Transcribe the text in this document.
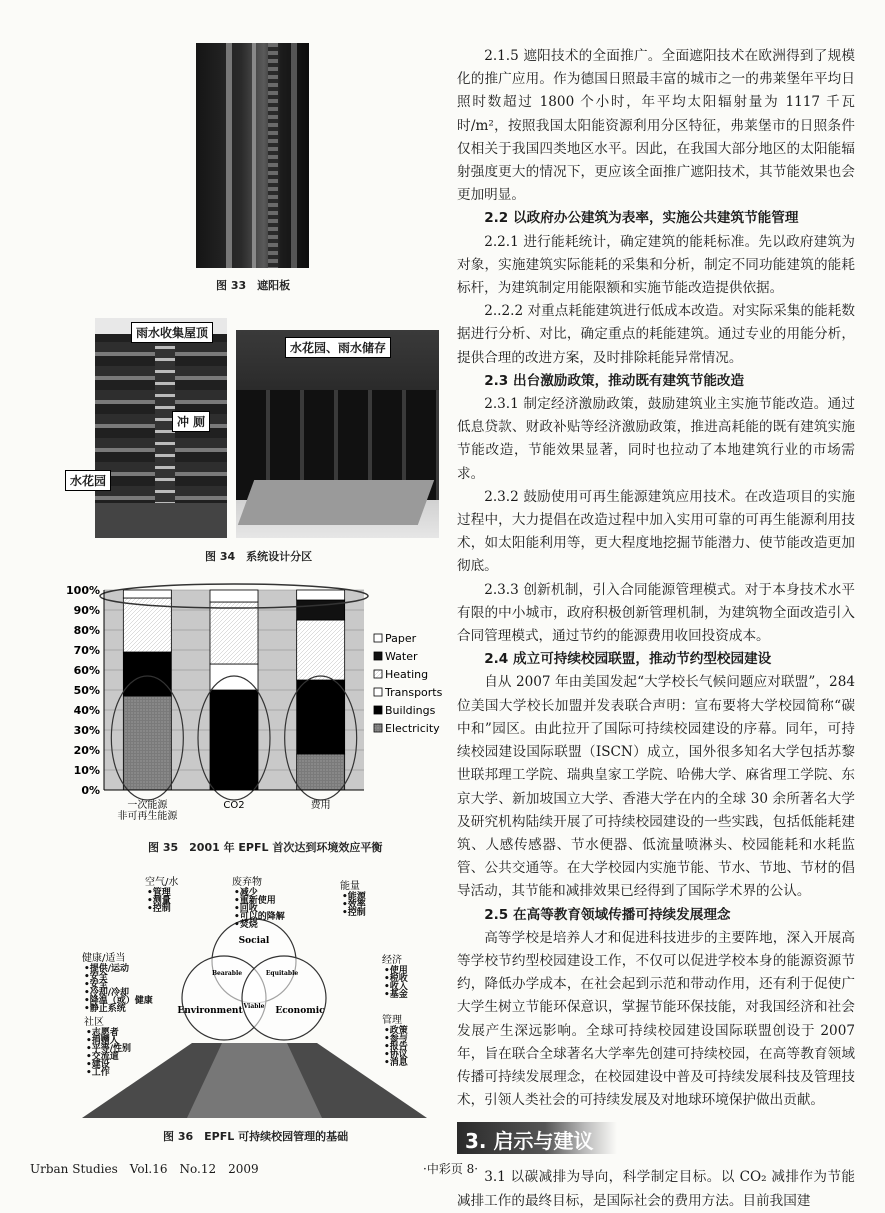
图 33　遮阳板
雨水收集屋顶
水花园、雨水储存
冲 厕
水花园
图 34　系统设计分区
0%
10%
20%
30%
40%
50%
60%
70%
80%
90%
100%
一次能源
非可再生能源
CO2	费用
Paper
Water
Heating
Transports
Buildings
Electricity
图 35　2001 年 EPFL 首次达到环境效应平衡
Social
Environment	Economic
Bearable	Equitable
Viable
空气/水
•管理
•测量
•控制
废弃物
•减少
•重新使用
•回收
•可以的降解
•焚烧
能量
•能源
•效率
•控制
健康/适当
•提供/运动
•安全
•安全
•冷却/冷却
•降温（或）健康
•静止系统
社区
•志愿者
•捐赠人
•平等/性别
•交流道
•建设
•工作
经济
•使用
•税收
•收入
•基金
管理
•政策
•参与
•报告
•协议
•消息
图 36　EPFL 可持续校园管理的基础

2.1.5 遮阳技术的全面推广。全面遮阳技术在欧洲得到了规模化的推广应用。作为德国日照最丰富的城市之一的弗莱堡年平均日照时数超过 1800 个小时，年平均太阳辐射量为 1117 千瓦时/m²，按照我国太阳能资源利用分区特征，弗莱堡市的日照条件仅相关于我国四类地区水平。因此，在我国大部分地区的太阳能辐射强度更大的情况下，更应该全面推广遮阳技术，其节能效果也会更加明显。

2.2 以政府办公建筑为表率，实施公共建筑节能管理

2.2.1 进行能耗统计，确定建筑的能耗标准。先以政府建筑为对象，实施建筑实际能耗的采集和分析，制定不同功能建筑的能耗标杆，为建筑制定用能限额和实施节能改造提供依据。

2..2.2 对重点耗能建筑进行低成本改造。对实际采集的能耗数据进行分析、对比，确定重点的耗能建筑。通过专业的用能分析，提供合理的改进方案，及时排除耗能异常情况。

2.3 出台激励政策，推动既有建筑节能改造

2.3.1 制定经济激励政策，鼓励建筑业主实施节能改造。通过低息贷款、财政补贴等经济激励政策，推进高耗能的既有建筑实施节能改造，节能效果显著，同时也拉动了本地建筑行业的市场需求。

2.3.2 鼓励使用可再生能源建筑应用技术。在改造项目的实施过程中，大力提倡在改造过程中加入实用可靠的可再生能源利用技术，如太阳能利用等，更大程度地挖掘节能潜力、使节能改造更加彻底。

2.3.3 创新机制，引入合同能源管理模式。对于本身技术水平有限的中小城市，政府积极创新管理机制，为建筑物全面改造引入合同管理模式，通过节约的能源费用收回投资成本。

2.4 成立可持续校园联盟，推动节约型校园建设

自从 2007 年由美国发起“大学校长气候问题应对联盟”，284 位美国大学校长加盟并发表联合声明：宣布要将大学校园简称“碳中和”园区。由此拉开了国际可持续校园建设的序幕。同年，可持续校园建设国际联盟（ISCN）成立，国外很多知名大学包括苏黎世联邦理工学院、瑞典皇家工学院、哈佛大学、麻省理工学院、东京大学、新加坡国立大学、香港大学在内的全球 30 余所著名大学及研究机构陆续开展了可持续校园建设的一些实践，包括低能耗建筑、人感传感器、节水便器、低流量喷淋头、校园能耗和水耗监管、公共交通等。在大学校园内实施节能、节水、节地、节材的倡导活动，其节能和减排效果已经得到了国际学术界的公认。

2.5 在高等教育领域传播可持续发展理念

高等学校是培养人才和促进科技进步的主要阵地，深入开展高等学校节约型校园建设工作，不仅可以促进学校本身的能源资源节约，降低办学成本，在社会起到示范和带动作用，还有利于促使广大学生树立节能环保意识，掌握节能环保技能，对我国经济和社会发展产生深远影响。全球可持续校园建设国际联盟创设于 2007 年，旨在联合全球著名大学率先创建可持续校园，在高等教育领域传播可持续发展理念，在校园建设中普及可持续发展科技及管理技术，引领人类社会的可持续发展及对地球环境保护做出贡献。

3. 启示与建议

3.1 以碳减排为导向，科学制定目标。以 CO₂ 减排作为节能减排工作的最终目标，是国际社会的费用方法。目前我国建

Urban Studies　Vol.16　No.12　2009	·中彩页 8·
